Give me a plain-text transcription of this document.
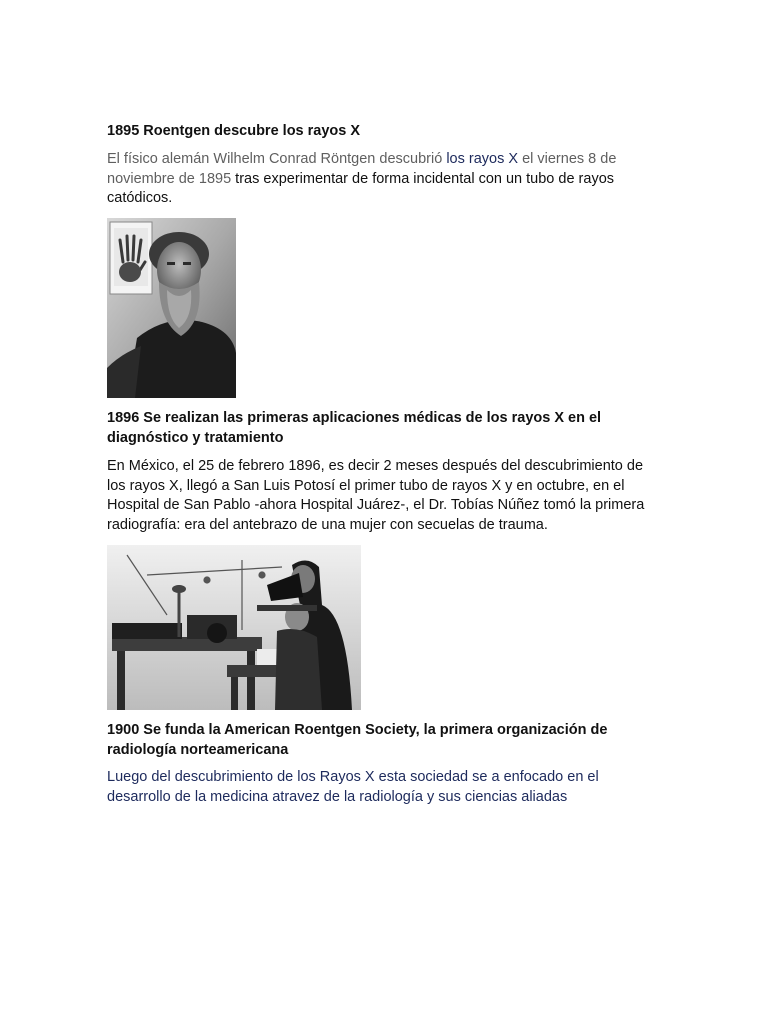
1895 Roentgen descubre los rayos X
El físico alemán Wilhelm Conrad Röntgen descubrió los rayos X el viernes 8 de noviembre de 1895 tras experimentar de forma incidental con un tubo de rayos catódicos.
1896 Se realizan las primeras aplicaciones médicas de los rayos X en el diagnóstico y tratamiento
En México, el 25 de febrero 1896, es decir 2 meses después del descubrimiento de los rayos X, llegó a San Luis Potosí el primer tubo de rayos X y en octubre, en el Hospital de San Pablo -ahora Hospital Juárez-, el Dr. Tobías Núñez tomó la primera radiografía: era del antebrazo de una mujer con secuelas de trauma.
1900 Se funda la American Roentgen Society, la primera organización de radiología norteamericana
Luego del descubrimiento de los Rayos X esta sociedad se a enfocado en el desarrollo de la medicina atravez de la radiología y sus ciencias aliadas
